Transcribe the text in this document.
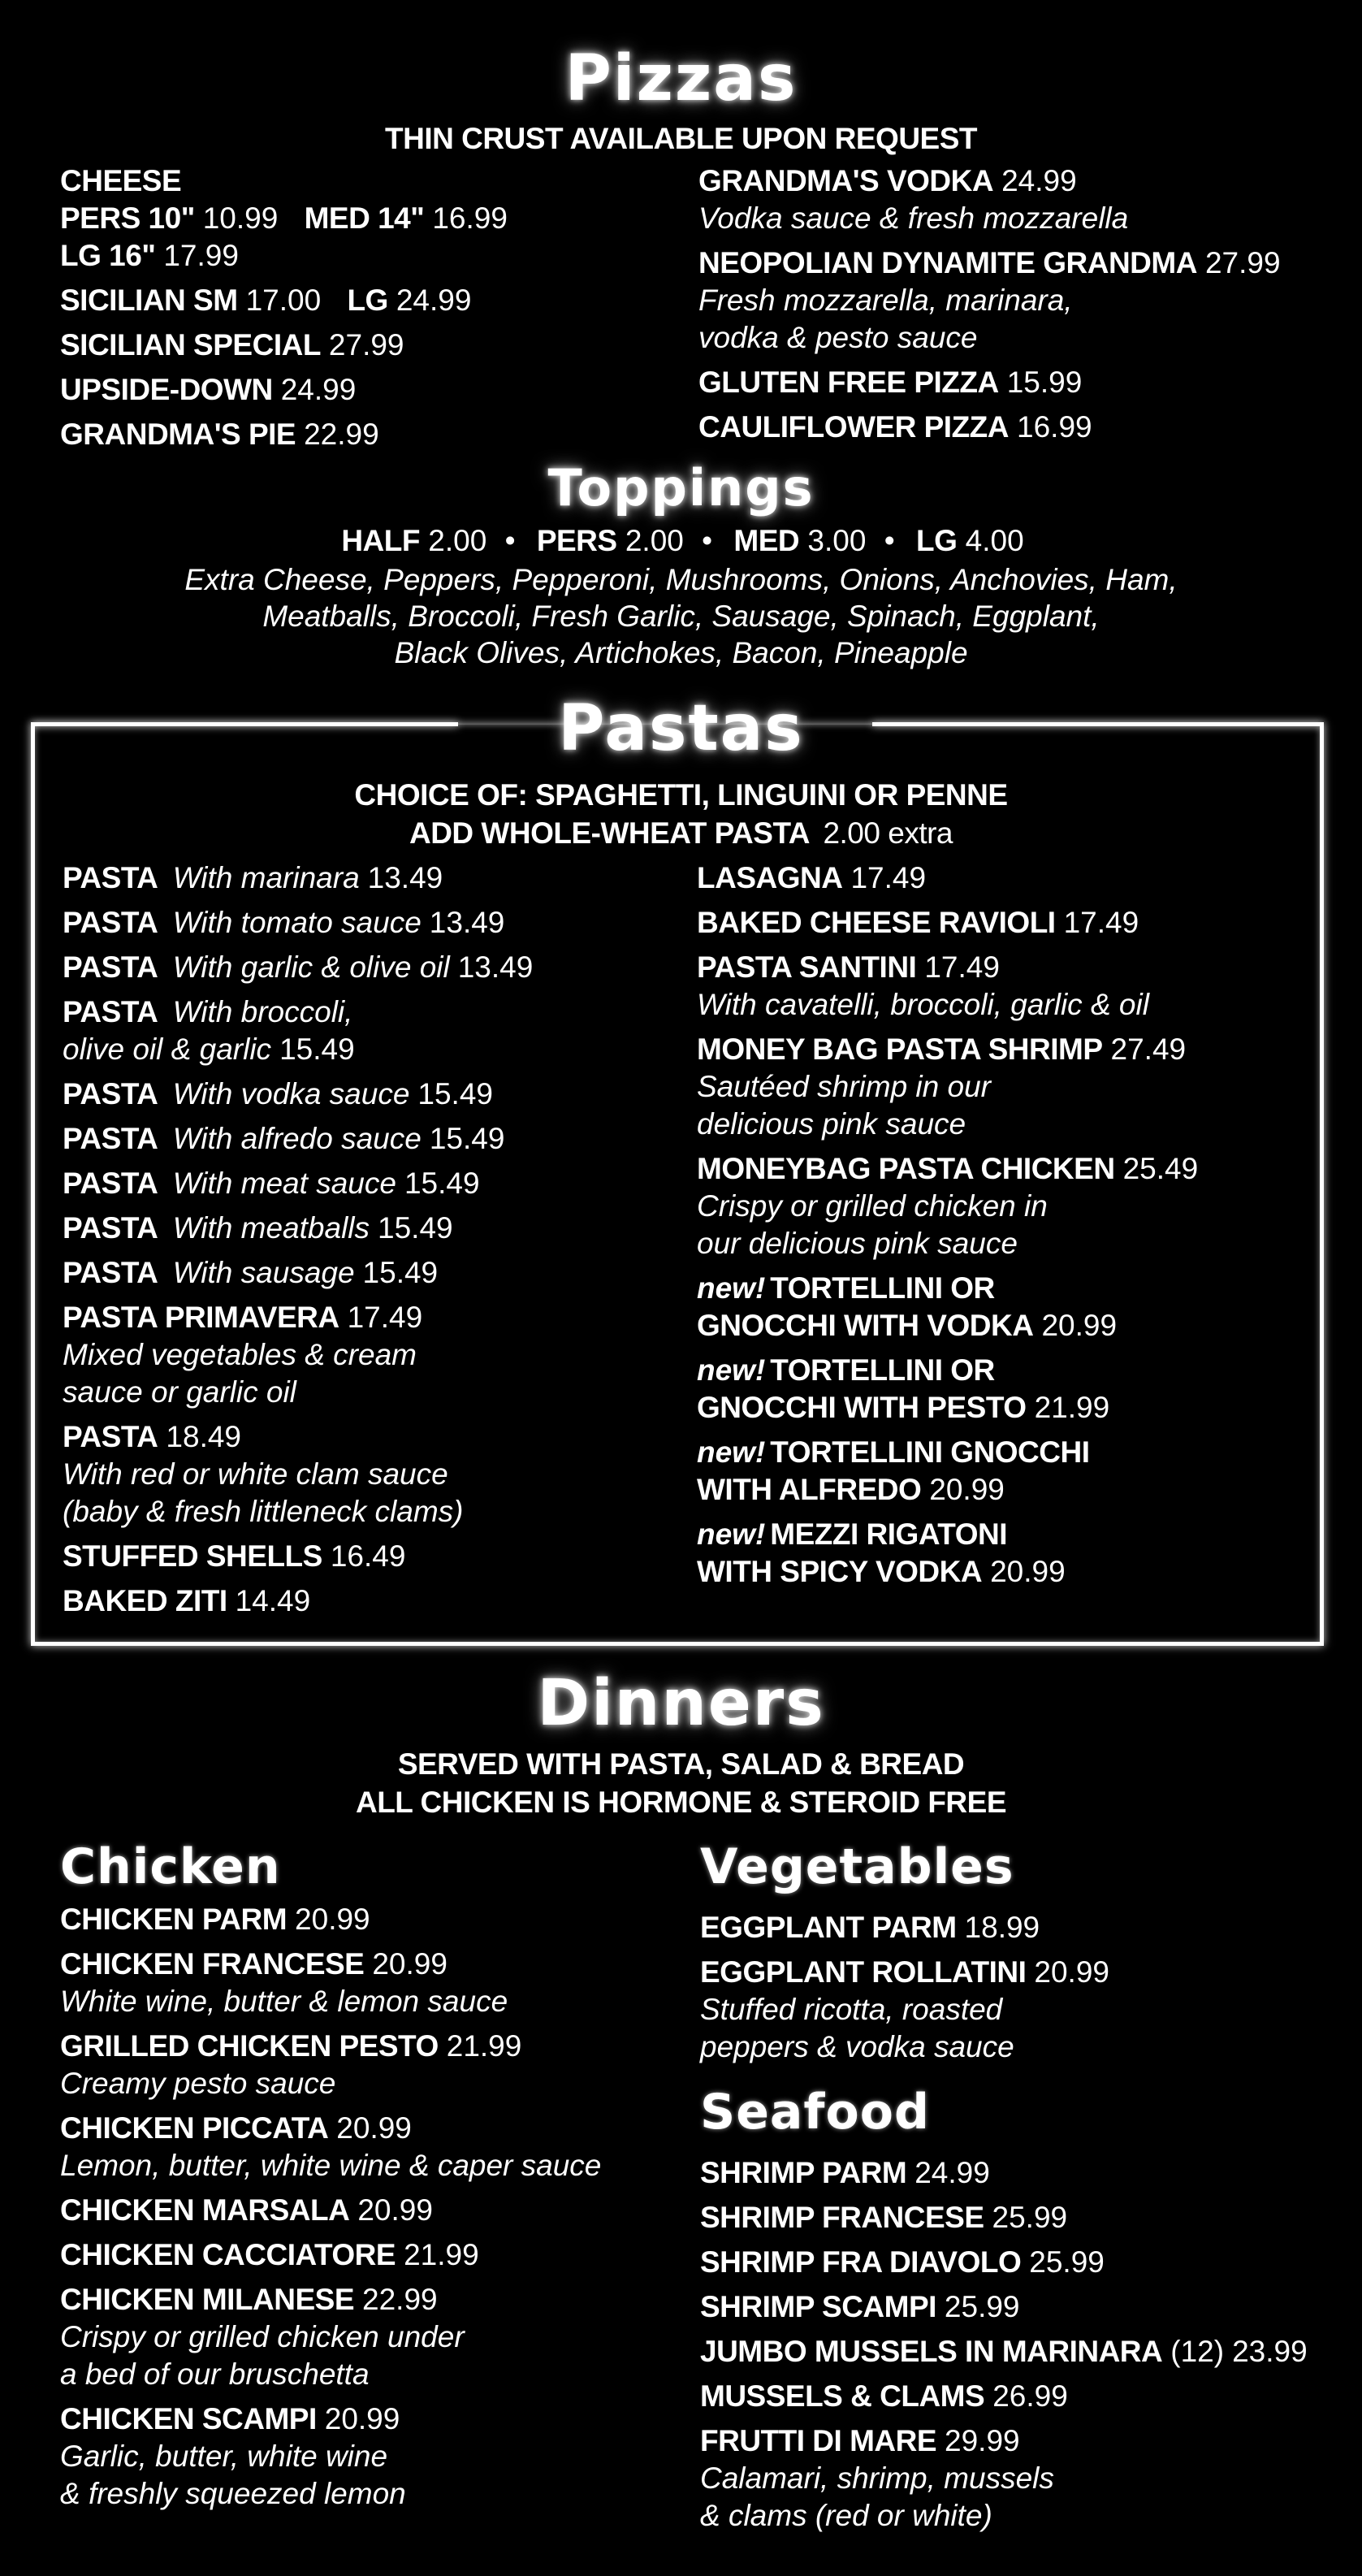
Pizzas
THIN CRUST AVAILABLE UPON REQUEST
CHEESE
PERS 10" 10.99 MED 14" 16.99
LG 16" 17.99
SICILIAN SM 17.00 LG 24.99
SICILIAN SPECIAL 27.99
UPSIDE-DOWN 24.99
GRANDMA'S PIE 22.99
GRANDMA'S VODKA 24.99
Vodka sauce & fresh mozzarella
NEOPOLIAN DYNAMITE GRANDMA 27.99
Fresh mozzarella, marinara,
vodka & pesto sauce
GLUTEN FREE PIZZA 15.99
CAULIFLOWER PIZZA 16.99
Toppings
HALF 2.00 • PERS 2.00 • MED 3.00 • LG 4.00
Extra Cheese, Peppers, Pepperoni, Mushrooms, Onions, Anchovies, Ham,
Meatballs, Broccoli, Fresh Garlic, Sausage, Spinach, Eggplant,
Black Olives, Artichokes, Bacon, Pineapple
Pastas
CHOICE OF: SPAGHETTI, LINGUINI OR PENNE
ADD WHOLE-WHEAT PASTA 2.00 extra
PASTA With marinara 13.49
PASTA With tomato sauce 13.49
PASTA With garlic & olive oil 13.49
PASTA With broccoli,
olive oil & garlic 15.49
PASTA With vodka sauce 15.49
PASTA With alfredo sauce 15.49
PASTA With meat sauce 15.49
PASTA With meatballs 15.49
PASTA With sausage 15.49
PASTA PRIMAVERA 17.49
Mixed vegetables & cream
sauce or garlic oil
PASTA 18.49
With red or white clam sauce
(baby & fresh littleneck clams)
STUFFED SHELLS 16.49
BAKED ZITI 14.49
LASAGNA 17.49
BAKED CHEESE RAVIOLI 17.49
PASTA SANTINI 17.49
With cavatelli, broccoli, garlic & oil
MONEY BAG PASTA SHRIMP 27.49
Sautéed shrimp in our
delicious pink sauce
MONEYBAG PASTA CHICKEN 25.49
Crispy or grilled chicken in
our delicious pink sauce
new! TORTELLINI OR
GNOCCHI WITH VODKA 20.99
new! TORTELLINI OR
GNOCCHI WITH PESTO 21.99
new! TORTELLINI GNOCCHI
WITH ALFREDO 20.99
new! MEZZI RIGATONI
WITH SPICY VODKA 20.99
Dinners
SERVED WITH PASTA, SALAD & BREAD
ALL CHICKEN IS HORMONE & STEROID FREE
Chicken
CHICKEN PARM 20.99
CHICKEN FRANCESE 20.99
White wine, butter & lemon sauce
GRILLED CHICKEN PESTO 21.99
Creamy pesto sauce
CHICKEN PICCATA 20.99
Lemon, butter, white wine & caper sauce
CHICKEN MARSALA 20.99
CHICKEN CACCIATORE 21.99
CHICKEN MILANESE 22.99
Crispy or grilled chicken under
a bed of our bruschetta
CHICKEN SCAMPI 20.99
Garlic, butter, white wine
& freshly squeezed lemon
Vegetables
EGGPLANT PARM 18.99
EGGPLANT ROLLATINI 20.99
Stuffed ricotta, roasted
peppers & vodka sauce
Seafood
SHRIMP PARM 24.99
SHRIMP FRANCESE 25.99
SHRIMP FRA DIAVOLO 25.99
SHRIMP SCAMPI 25.99
JUMBO MUSSELS IN MARINARA (12) 23.99
MUSSELS & CLAMS 26.99
FRUTTI DI MARE 29.99
Calamari, shrimp, mussels
& clams (red or white)
